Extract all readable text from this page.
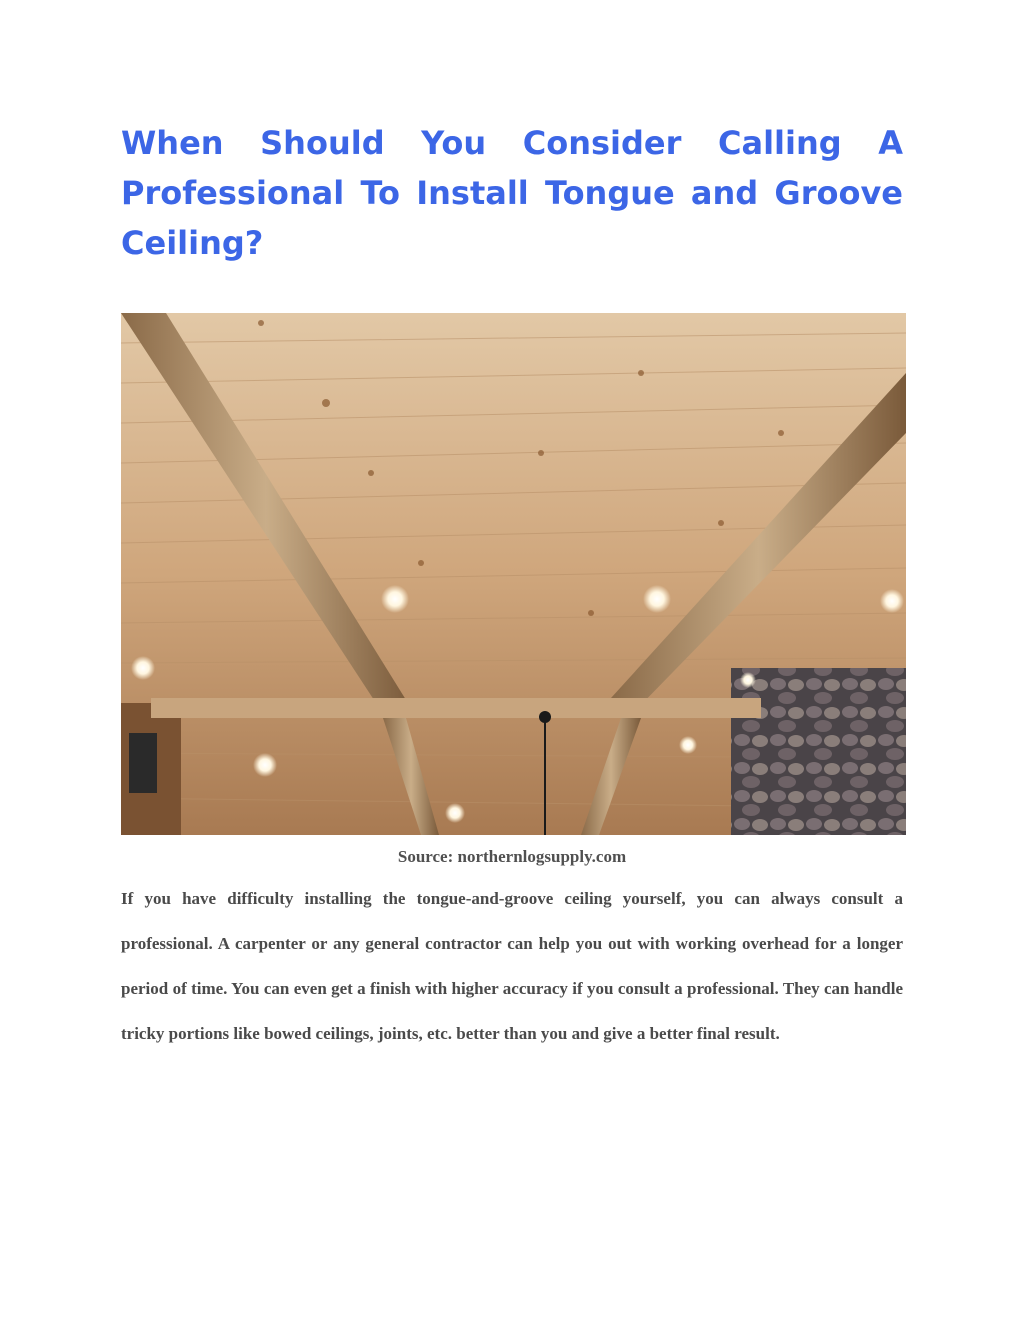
When Should You Consider Calling A Professional To Install Tongue and Groove Ceiling?
Source: northernlogsupply.com

If you have difficulty installing the tongue-and-groove ceiling yourself, you can always consult a professional. A carpenter or any general contractor can help you out with working overhead for a longer period of time. You can even get a finish with higher accuracy if you consult a professional. They can handle tricky portions like bowed ceilings, joints, etc. better than you and give a better final result.
